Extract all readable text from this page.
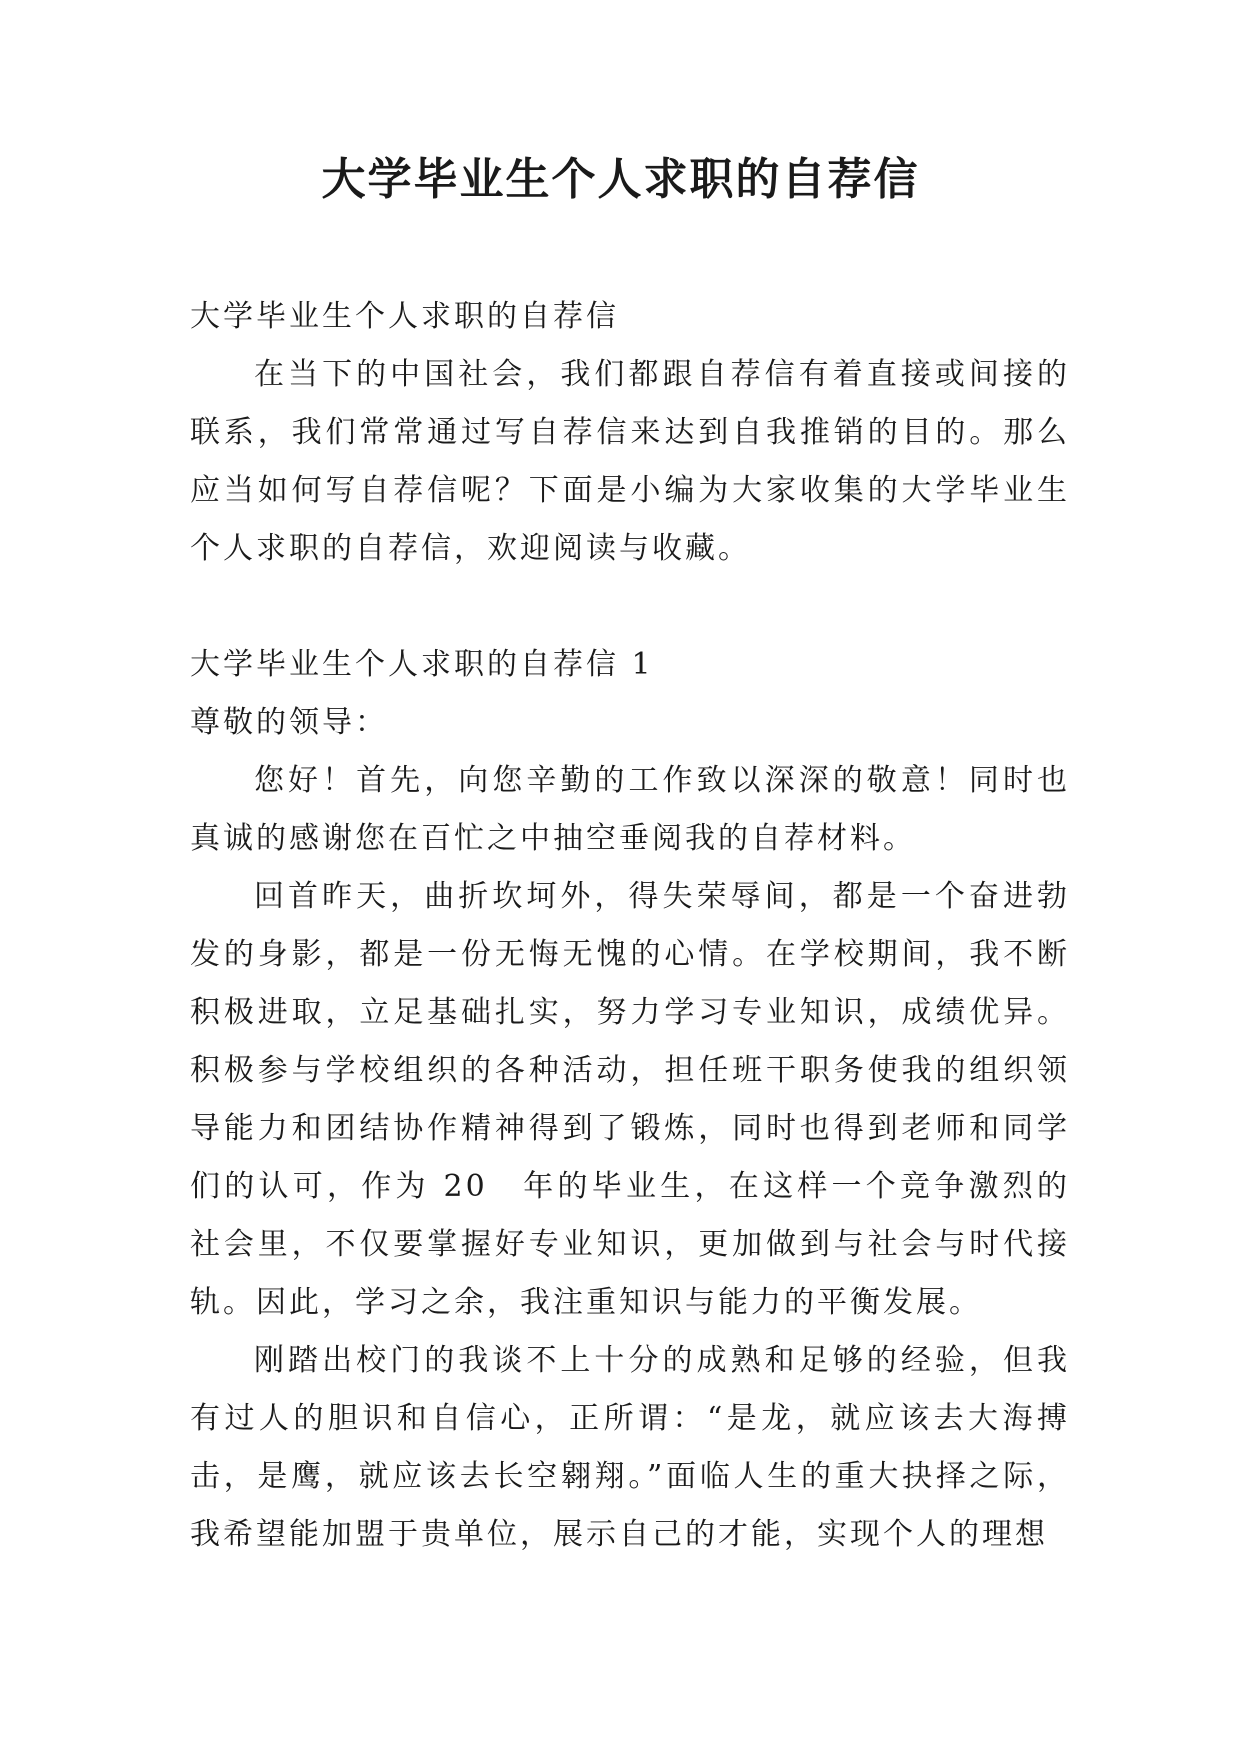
大学毕业生个人求职的自荐信

大学毕业生个人求职的自荐信

在当下的中国社会，我们都跟自荐信有着直接或间接的联系，我们常常通过写自荐信来达到自我推销的目的。那么应当如何写自荐信呢？下面是小编为大家收集的大学毕业生个人求职的自荐信，欢迎阅读与收藏。

大学毕业生个人求职的自荐信 1

尊敬的领导：

您好！首先，向您辛勤的工作致以深深的敬意！同时也真诚的感谢您在百忙之中抽空垂阅我的自荐材料。

回首昨天，曲折坎坷外，得失荣辱间，都是一个奋进勃发的身影，都是一份无悔无愧的心情。在学校期间，我不断积极进取，立足基础扎实，努力学习专业知识，成绩优异。积极参与学校组织的各种活动，担任班干职务使我的组织领导能力和团结协作精神得到了锻炼，同时也得到老师和同学们的认可，作为 20　年的毕业生，在这样一个竞争激烈的社会里，不仅要掌握好专业知识，更加做到与社会与时代接轨。因此，学习之余，我注重知识与能力的平衡发展。

刚踏出校门的我谈不上十分的成熟和足够的经验，但我有过人的胆识和自信心，正所谓：“是龙，就应该去大海搏击，是鹰，就应该去长空翱翔。”面临人生的重大抉择之际，我希望能加盟于贵单位，展示自己的才能，实现个人的理想
